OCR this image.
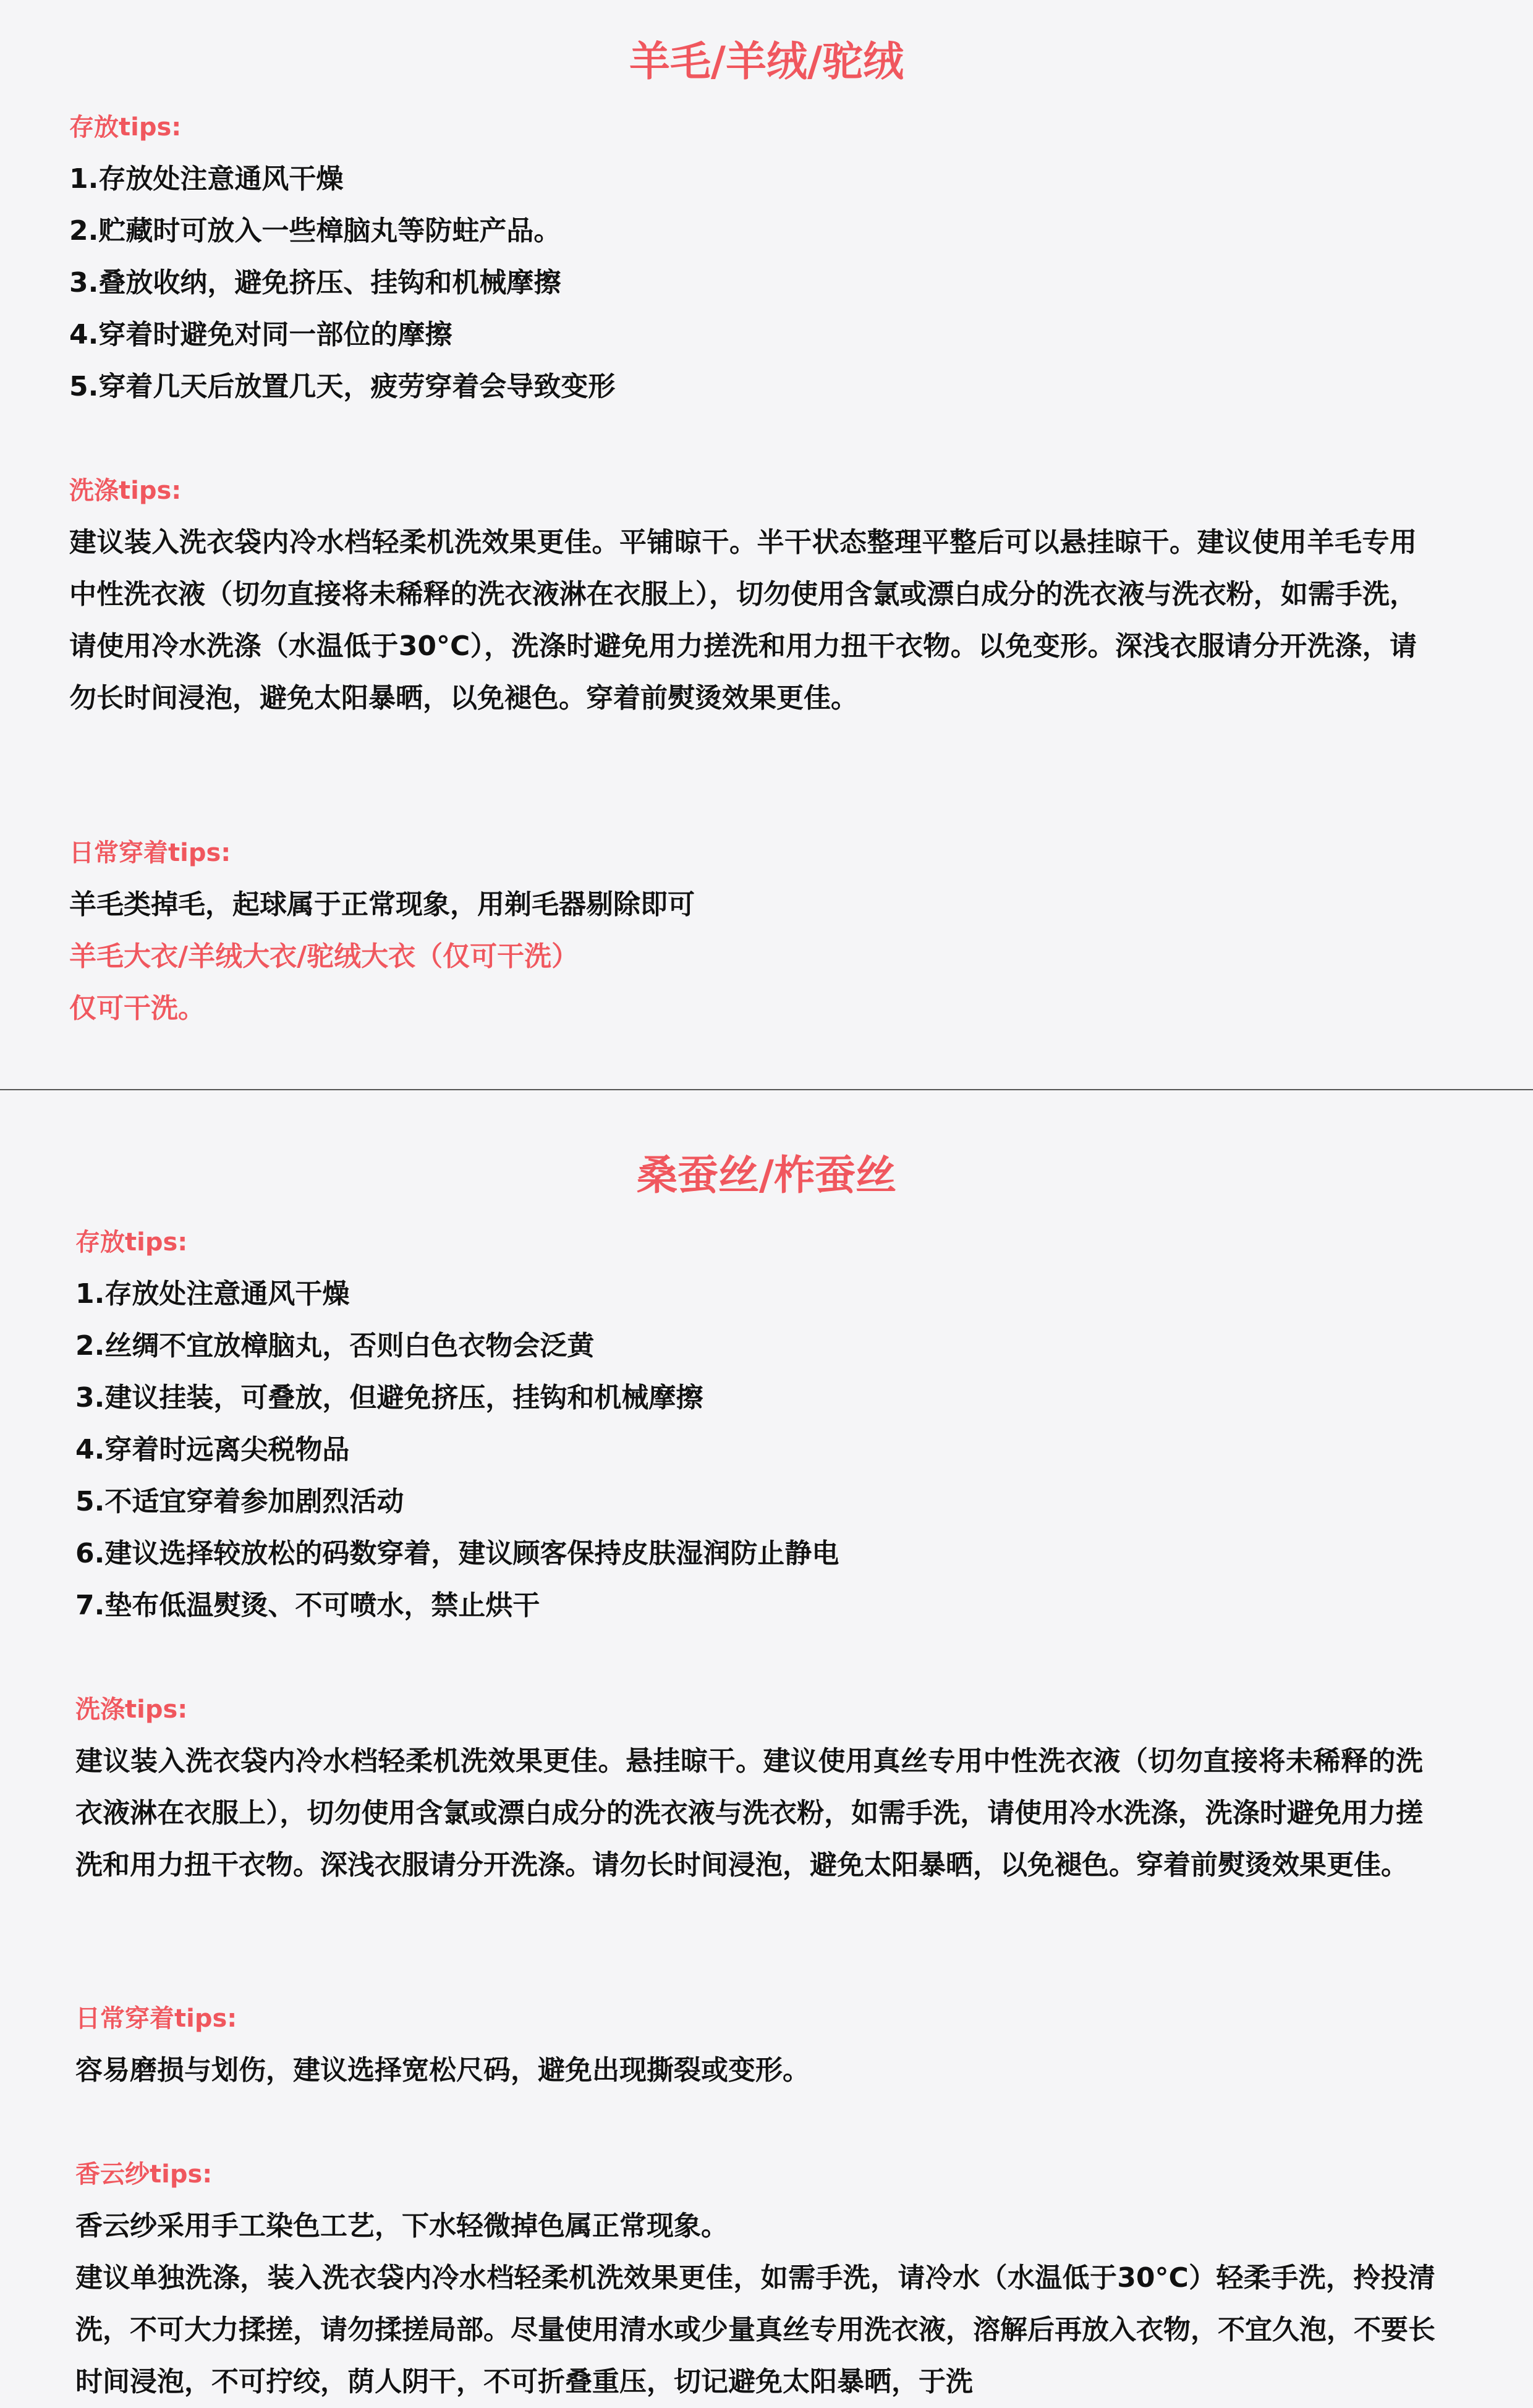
羊毛/羊绒/驼绒
存放tips:
1.存放处注意通风干燥
2.贮藏时可放入一些樟脑丸等防蛀产品。
3.叠放收纳，避免挤压、挂钩和机械摩擦
4.穿着时避免对同一部位的摩擦
5.穿着几天后放置几天，疲劳穿着会导致变形
洗涤tips:

建议装入洗衣袋内冷水档轻柔机洗效果更佳。平铺晾干。半干状态整理平整后可以悬挂晾干。建议使用羊毛专用中性洗衣液（切勿直接将未稀释的洗衣液淋在衣服上），切勿使用含氯或漂白成分的洗衣液与洗衣粉，如需手洗，请使用冷水洗涤（水温低于30°C），洗涤时避免用力搓洗和用力扭干衣物。以免变形。深浅衣服请分开洗涤，请勿长时间浸泡，避免太阳暴晒，以免褪色。穿着前熨烫效果更佳。

日常穿着tips:
羊毛类掉毛，起球属于正常现象，用剃毛器剔除即可
羊毛大衣/羊绒大衣/驼绒大衣（仅可干洗）
仅可干洗。
桑蚕丝/柞蚕丝
存放tips:
1.存放处注意通风干燥
2.丝绸不宜放樟脑丸，否则白色衣物会泛黄
3.建议挂装，可叠放，但避免挤压，挂钩和机械摩擦
4.穿着时远离尖税物品
5.不适宜穿着参加剧烈活动
6.建议选择较放松的码数穿着，建议顾客保持皮肤湿润防止静电
7.垫布低温熨烫、不可喷水，禁止烘干
洗涤tips:

建议装入洗衣袋内冷水档轻柔机洗效果更佳。悬挂晾干。建议使用真丝专用中性洗衣液（切勿直接将未稀释的洗衣液淋在衣服上），切勿使用含氯或漂白成分的洗衣液与洗衣粉，如需手洗，请使用冷水洗涤，洗涤时避免用力搓洗和用力扭干衣物。深浅衣服请分开洗涤。请勿长时间浸泡，避免太阳暴晒，以免褪色。穿着前熨烫效果更佳。

日常穿着tips:
容易磨损与划伤，建议选择宽松尺码，避免出现撕裂或变形。
香云纱tips:
香云纱采用手工染色工艺，下水轻微掉色属正常现象。

建议单独洗涤，装入洗衣袋内冷水档轻柔机洗效果更佳，如需手洗，请冷水（水温低于30°C）轻柔手洗，拎投清洗，不可大力揉搓，请勿揉搓局部。尽量使用清水或少量真丝专用洗衣液，溶解后再放入衣物，不宜久泡，不要长时间浸泡，不可拧绞，荫人阴干，不可折叠重压，切记避免太阳暴晒，于洗
